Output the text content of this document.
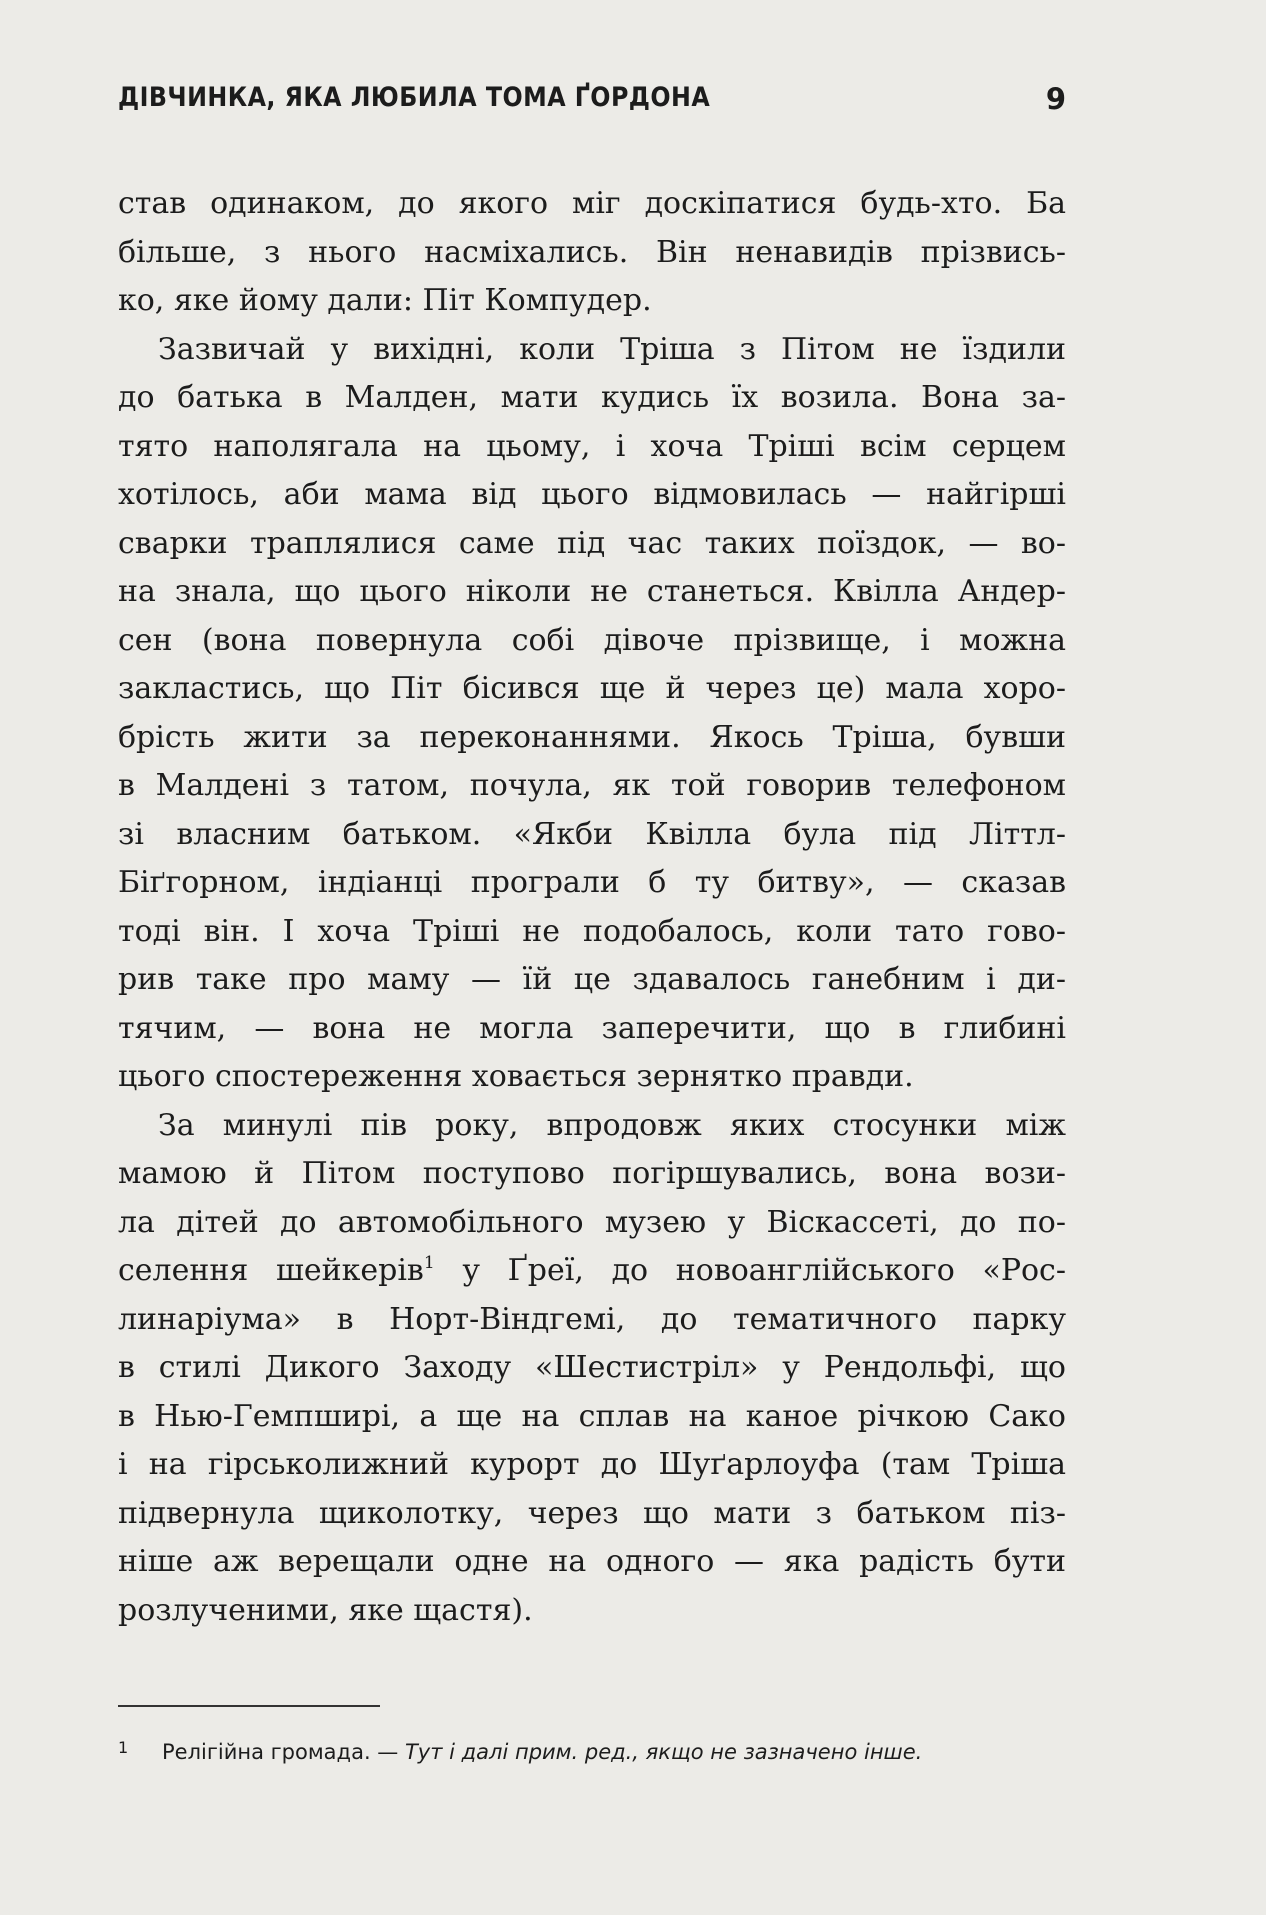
ДІВЧИНКА, ЯКА ЛЮБИЛА ТОМА ҐОРДОНА	9
став одинаком, до якого міг доскіпатися будь-хто. Ба
більше, з нього насміхались. Він ненавидів прізвись-
ко, яке йому дали: Піт Компудер.
Зазвичай у вихідні, коли Тріша з Пітом не їздили
до батька в Малден, мати кудись їх возила. Вона за-
тято наполягала на цьому, і хоча Тріші всім серцем
хотілось, аби мама від цього відмовилась — найгірші
сварки траплялися саме під час таких поїздок, — во-
на знала, що цього ніколи не станеться. Квілла Андер-
сен (вона повернула собі дівоче прізвище, і можна
закластись, що Піт бісився ще й через це) мала хоро-
брість жити за переконаннями. Якось Тріша, бувши
в Малдені з татом, почула, як той говорив телефоном
зі власним батьком. «Якби Квілла була під Літтл-
Біґгорном, індіанці програли б ту битву», — сказав
тоді він. І хоча Тріші не подобалось, коли тато гово-
рив таке про маму — їй це здавалось ганебним і ди-
тячим, — вона не могла заперечити, що в глибині
цього спостереження ховається зернятко правди.
За минулі пів року, впродовж яких стосунки між
мамою й Пітом поступово погіршувались, вона вози-
ла дітей до автомобільного музею у Віскассеті, до по-
селення шейкерів$^1$ у Ґреї, до новоанглійського «Рос-
линаріума» в Норт-Віндгемі, до тематичного парку
в стилі Дикого Заходу «Шестистріл» у Рендольфі, що
в Нью-Гемпширі, а ще на сплав на каное річкою Сако
і на гірськолижний курорт до Шуґарлоуфа (там Тріша
підвернула щиколотку, через що мати з батьком піз-
ніше аж верещали одне на одного — яка радість бути
розлученими, яке щастя).
1 Релігійна громада. — Тут і далі прим. ред., якщо не зазначено інше.
